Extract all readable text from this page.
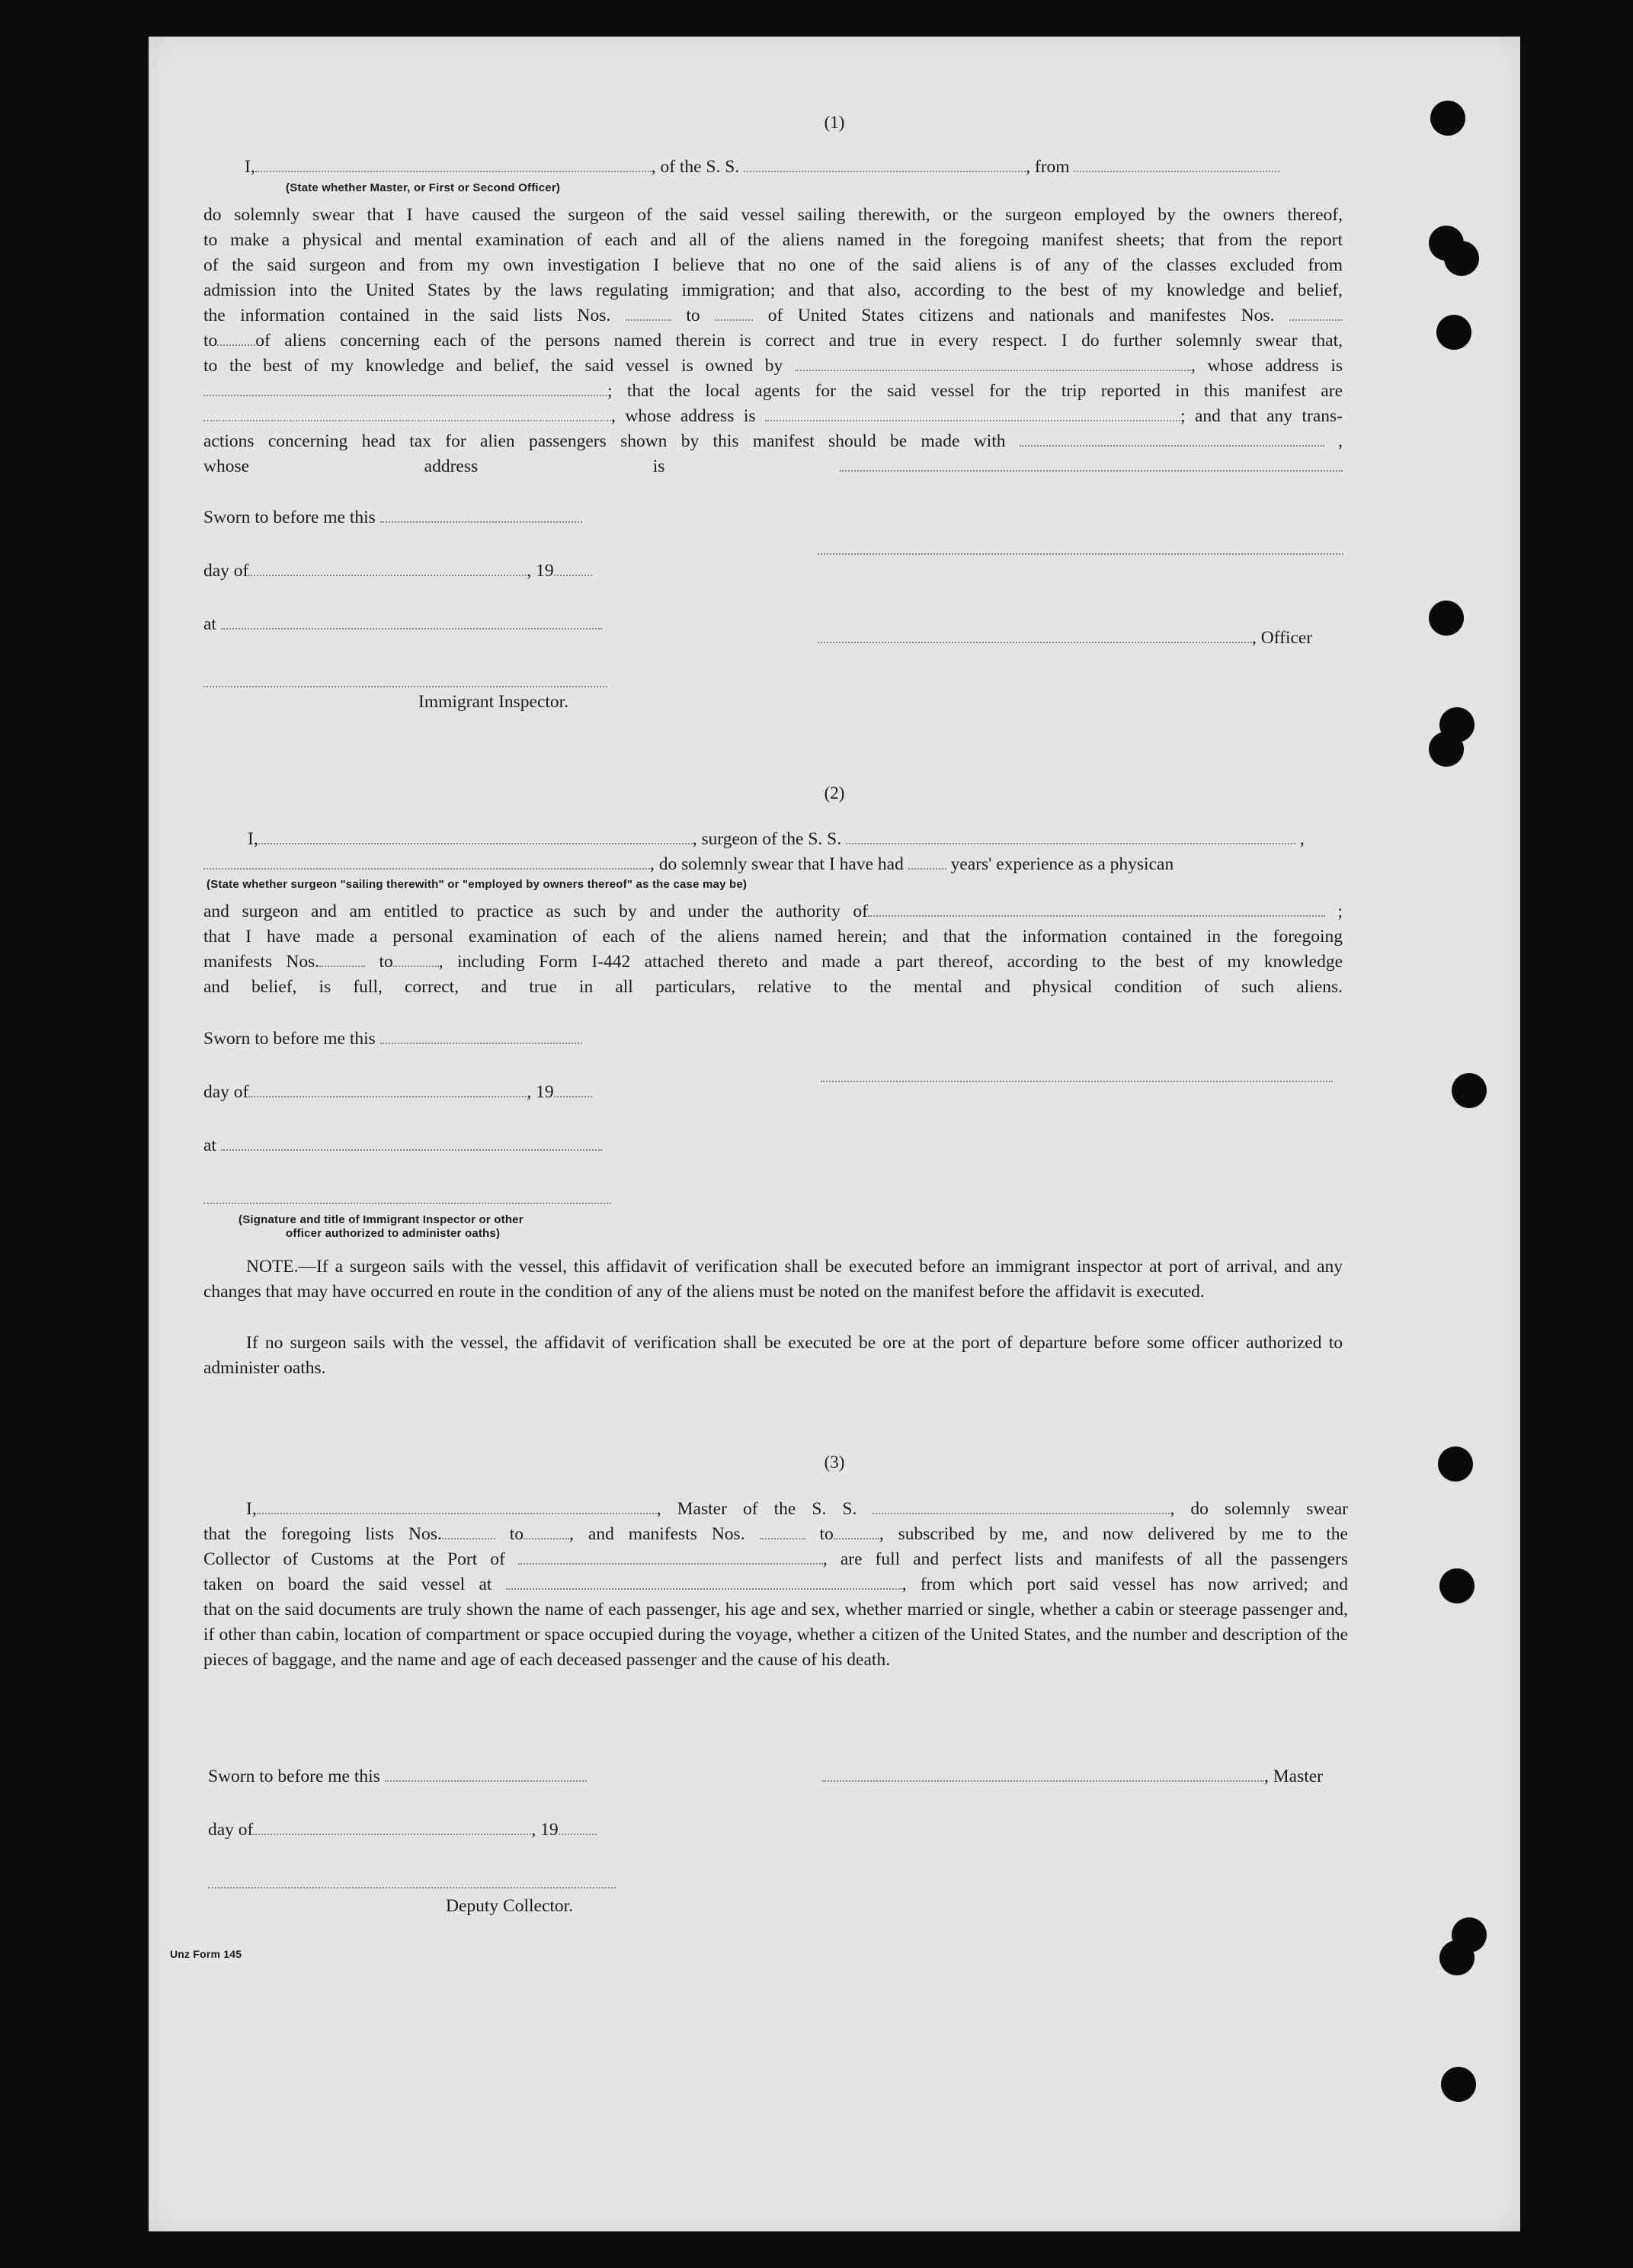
(1)
I,	, of the S. S.	, from
(State whether Master, or First or Second Officer)
do solemnly swear that I have caused the surgeon of the said vessel sailing therewith, or the surgeon employed by the owners thereof,
to make a physical and mental examination of each and all of the aliens named in the foregoing manifest sheets; that from the report
of the said surgeon and from my own investigation I believe that no one of the said aliens is of any of the classes excluded from
admission into the United States by the laws regulating immigration; and that also, according to the best of my knowledge and belief,
the information contained in the said lists Nos.	to	of United States citizens and nationals and manifestes Nos.
to of aliens concerning each of the persons named therein is correct and true in every respect. I do further solemnly swear that,
to the best of my knowledge and belief, the said vessel is owned by	, whose address is
; that the local agents for the said vessel for the trip reported in this manifest are
, whose address is	; and that any trans-
actions concerning head tax for alien passengers shown by this manifest should be made with	,
whose address is
Sworn to before me this
day of	, 19
at
, Officer
Immigrant Inspector.
(2)
I,	, surgeon of the S. S.	,
, do solemnly swear that I have had	years' experience as a physican
(State whether surgeon "sailing therewith" or "employed by owners thereof" as the case may be)
and surgeon and am entitled to practice as such by and under the authority of	;
that I have made a personal examination of each of the aliens named herein; and that the information contained in the foregoing
manifests Nos.	to	, including Form I-442 attached thereto and made a part thereof, according to the best of my knowledge
and belief, is full, correct, and true in all particulars, relative to the mental and physical condition of such aliens.
Sworn to before me this
day of	, 19
at
(Signature and title of Immigrant Inspector or other
officer authorized to administer oaths)
NOTE.—If a surgeon sails with the vessel, this affidavit of verification shall be executed before an immigrant inspector at port of arrival, and any changes that may have occurred en route in the condition of any of the aliens must be noted on the manifest before the affidavit is executed.
If no surgeon sails with the vessel, the affidavit of verification shall be executed be ore at the port of departure before some officer authorized to administer oaths.
(3)
I,	, Master of the S. S.	, do solemnly swear
that the foregoing lists Nos.	to	, and manifests Nos.	to	, subscribed by me, and now delivered by me to the
Collector of Customs at the Port of	, are full and perfect lists and manifests of all the passengers
taken on board the said vessel at	, from which port said vessel has now arrived; and
that on the said documents are truly shown the name of each passenger, his age and sex, whether married or single, whether a cabin or steerage passenger and, if other than cabin, location of compartment or space occupied during the voyage, whether a citizen of the United States, and the number and description of the pieces of baggage, and the name and age of each deceased passenger and the cause of his death.
Sworn to before me this	, Master
day of	, 19
Deputy Collector.
Unz Form 145
